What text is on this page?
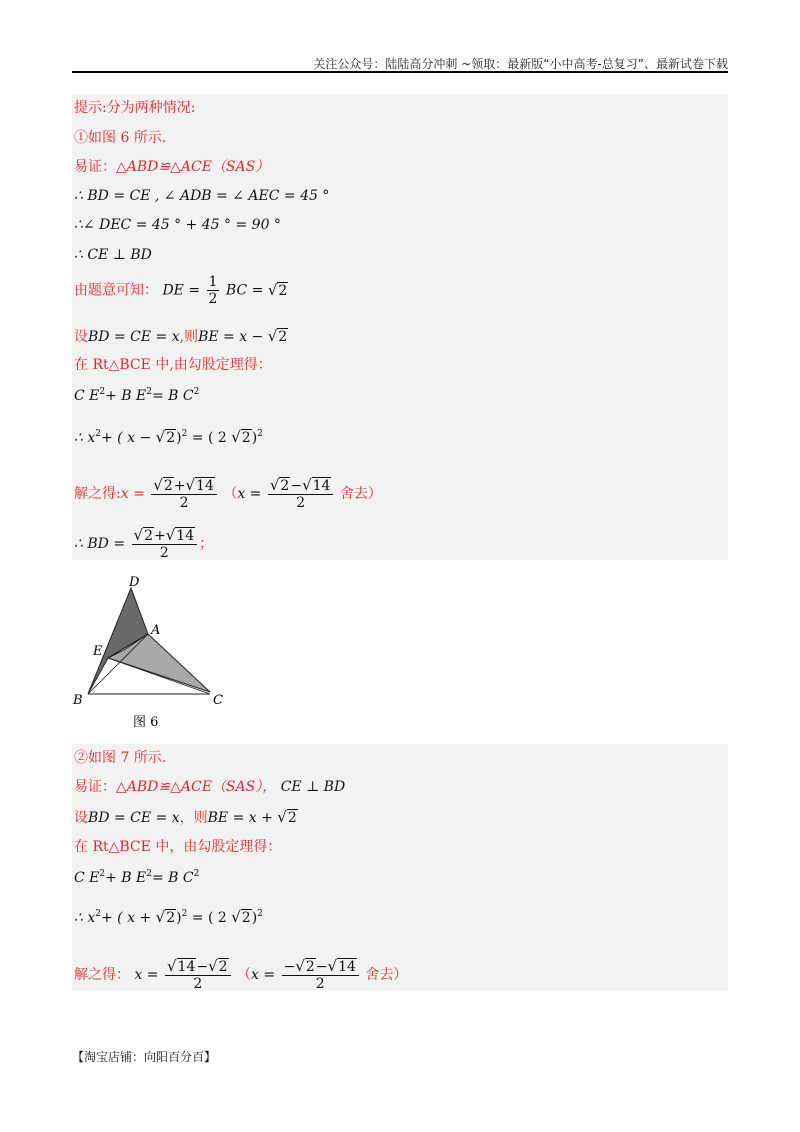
关注公众号：陆陆高分冲刺 ~领取：最新版“小中高考-总复习”、最新试卷下载
提示:分为两种情况:
①如图 6 所示.
易证：△ABD≌△ACE（SAS）
∴ BD = CE , ∠ ADB = ∠ AEC = 45 °
∴∠ DEC = 45 ° + 45 ° = 90 °
∴ CE ⊥ BD
由题意可知： DE = $\frac{1}{2}$ BC = √2
设BD = CE = x,则BE = x − √2
在 Rt△BCE 中,由勾股定理得：
C $E^2+ B$ $E^2= B$ $C^2$
∴ $x^2+$ ( x − √2)$^2$ = ( 2 √2)$^2$
解之得:x = $\frac{√2+√14}{2} (x = \frac{√2-√14}{2}$ 舍去）
∴ BD = $\frac{√2+√14}{2}$ ；
D
A
E
B	C
图 6
②如图 7 所示.
易证：△ABD≌△ACE（SAS）， CE ⊥ BD
设BD = CE = x，则BE = x + √2
在 Rt△BCE 中，由勾股定理得：
C $E^2+ B$ $E^2= B$ $C^2$
∴ $x^2+$ ( x + √2)$^2$ = ( 2 √2)$^2$
解之得： $x = \frac{√14-√2}{2} (x = \frac{-√2-√14}{2}$ 舍去）
【淘宝店铺：向阳百分百】
